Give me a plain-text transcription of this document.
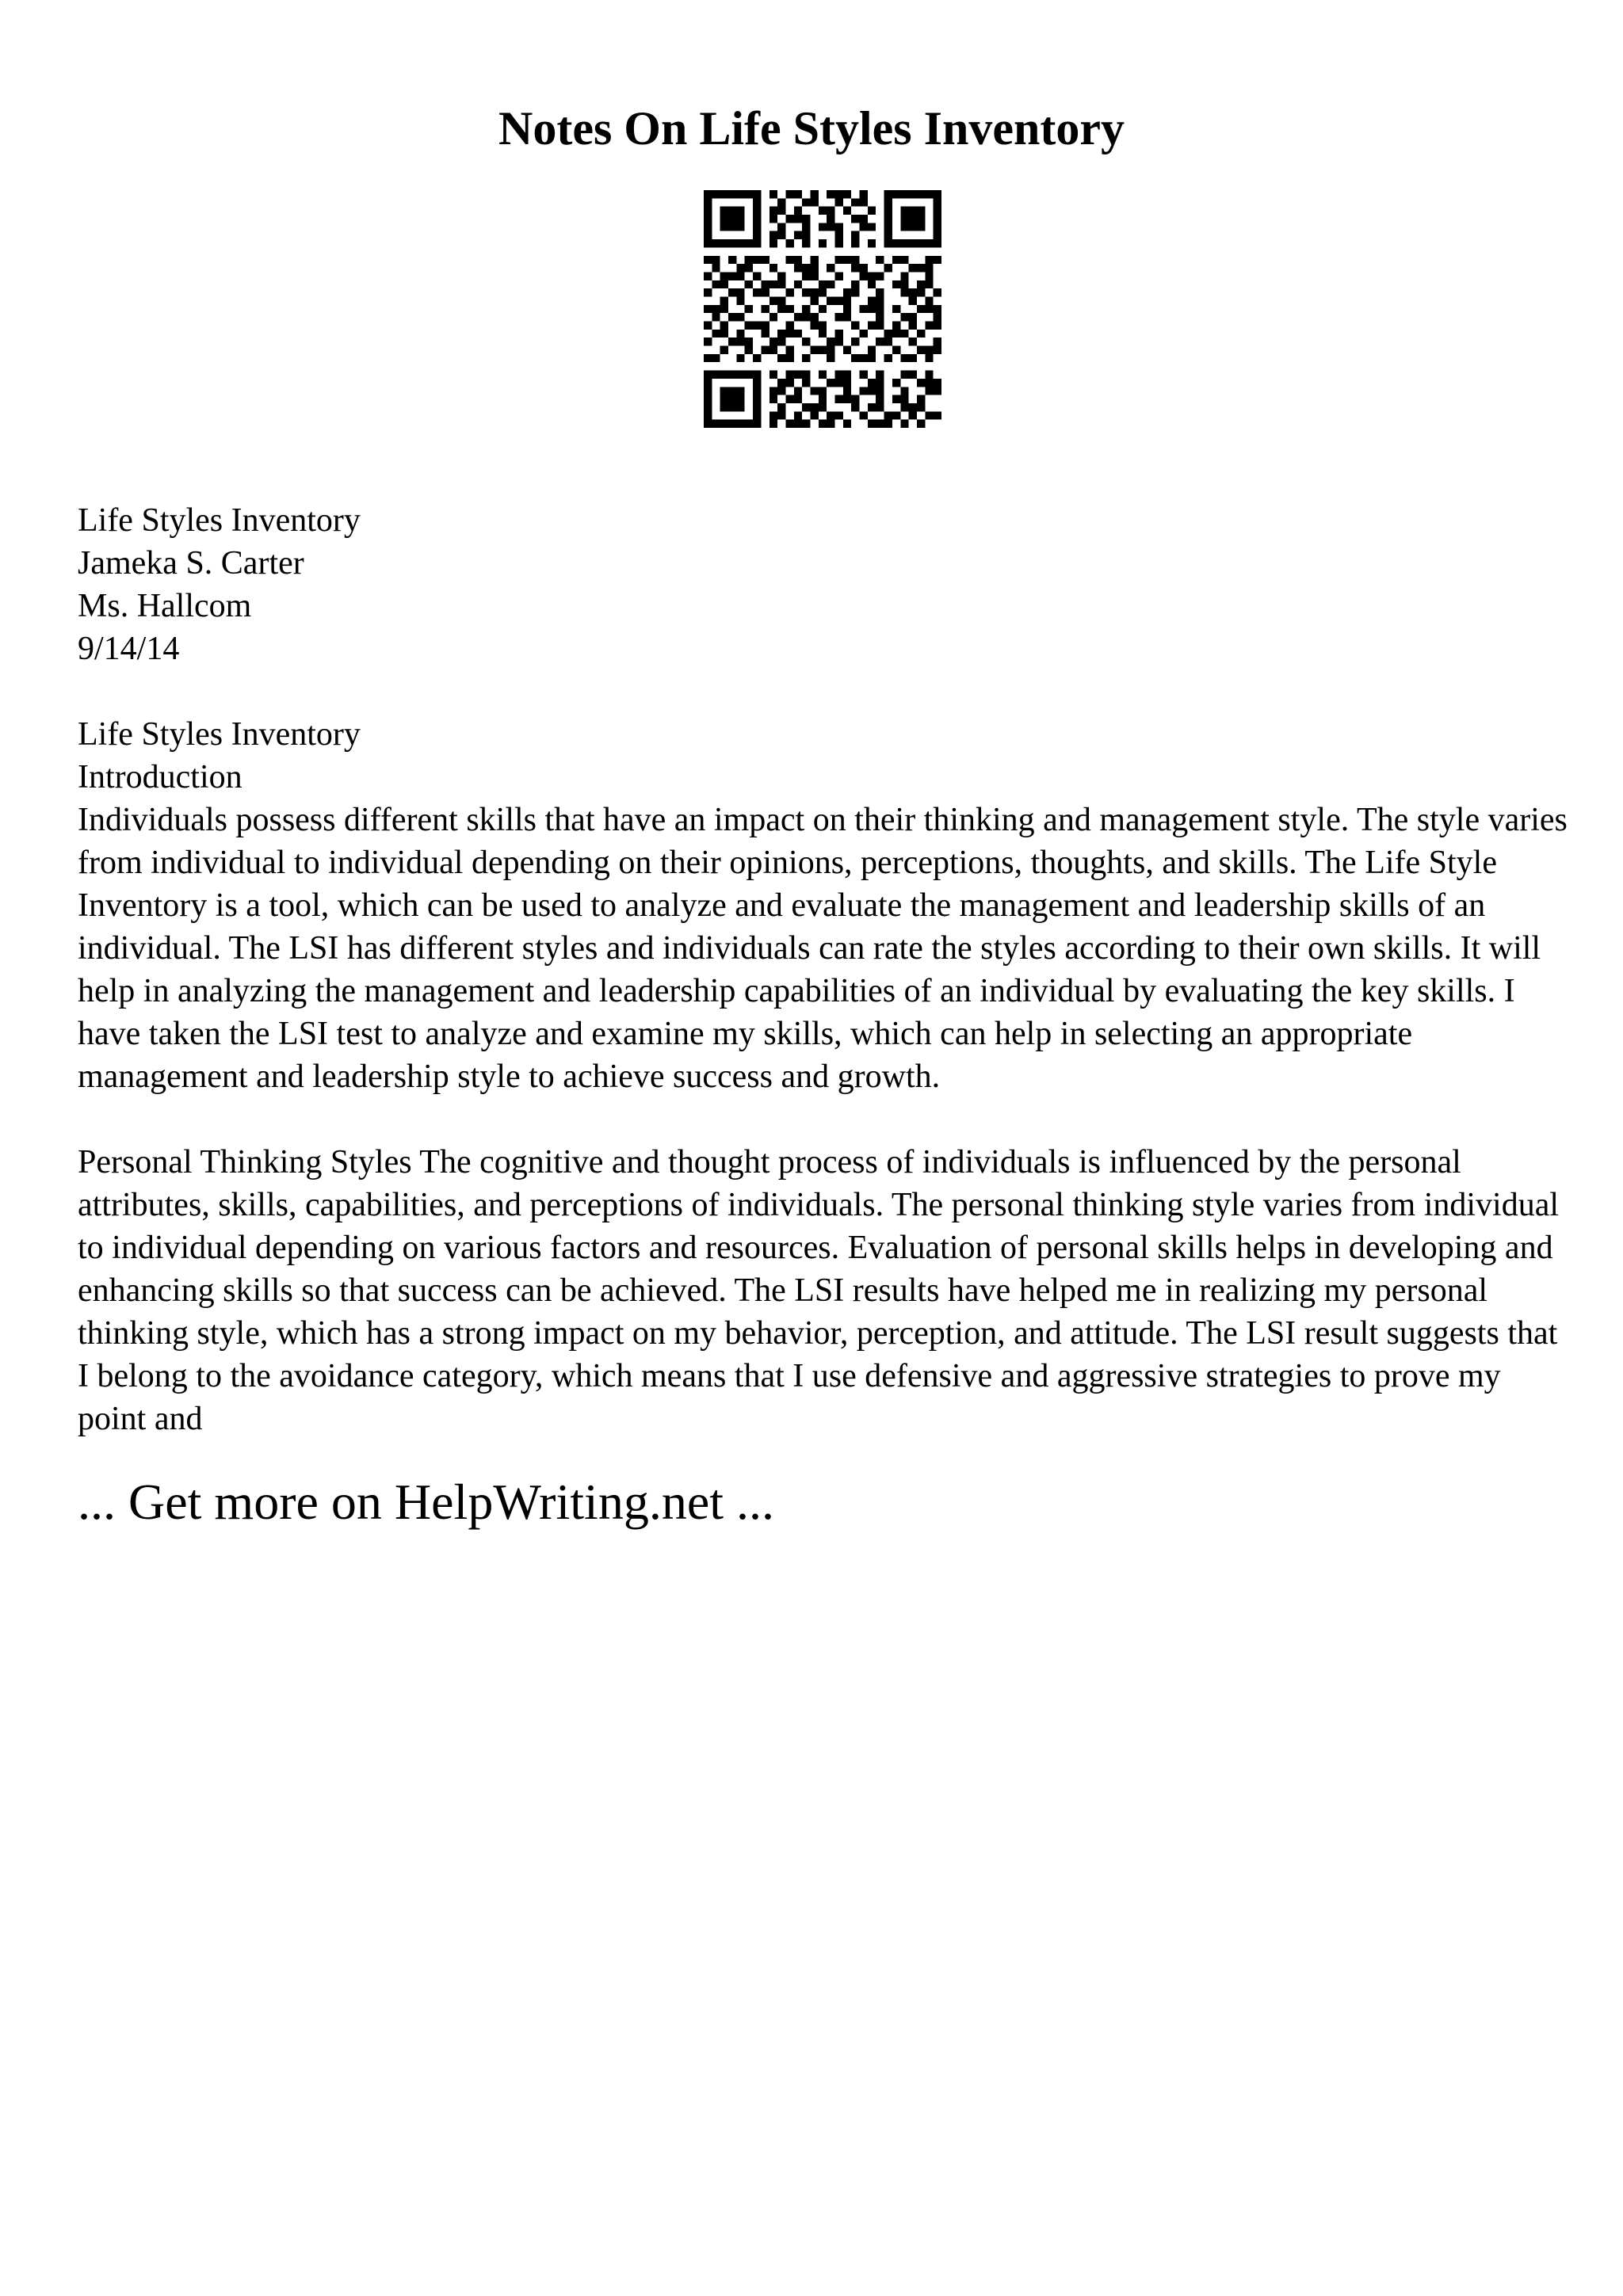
Notes On Life Styles Inventory

Life Styles Inventory

Jameka S. Carter

Ms. Hallcom

9/14/14

Life Styles Inventory

Introduction

Individuals possess different skills that have an impact on their thinking and management style. The style varies from individual to individual depending on their opinions, perceptions, thoughts, and skills. The Life Style Inventory is a tool, which can be used to analyze and evaluate the management and leadership skills of an individual. The LSI has different styles and individuals can rate the styles according to their own skills. It will help in analyzing the management and leadership capabilities of an individual by evaluating the key skills. I have taken the LSI test to analyze and examine my skills, which can help in selecting an appropriate management and leadership style to achieve success and growth.

Personal Thinking Styles The cognitive and thought process of individuals is influenced by the personal attributes, skills, capabilities, and perceptions of individuals. The personal thinking style varies from individual to individual depending on various factors and resources. Evaluation of personal skills helps in developing and enhancing skills so that success can be achieved. The LSI results have helped me in realizing my personal thinking style, which has a strong impact on my behavior, perception, and attitude. The LSI result suggests that I belong to the avoidance category, which means that I use defensive and aggressive strategies to prove my point and

... Get more on HelpWriting.net ...
